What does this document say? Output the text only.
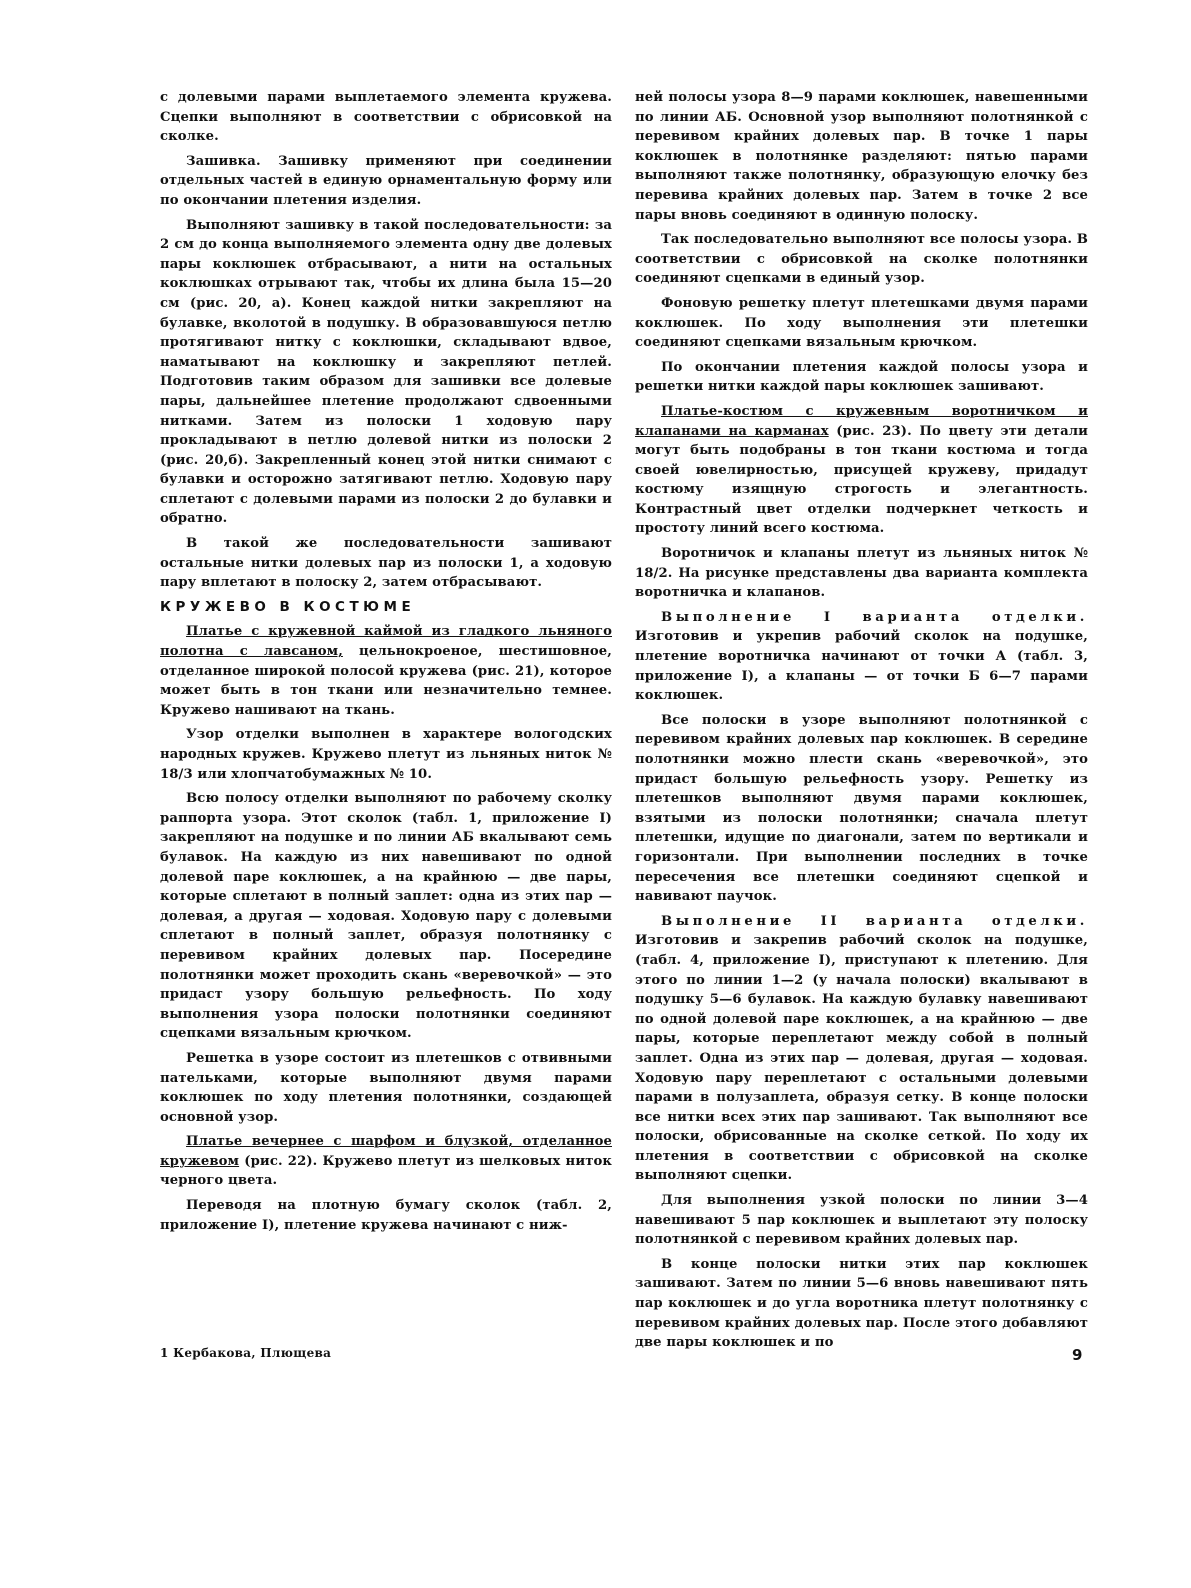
с долевыми парами выплетаемого элемента кружева. Сцепки выполняют в соответствии с обрисовкой на сколке.

Зашивка. Зашивку применяют при соединении отдельных частей в единую орнаментальную форму или по окончании плетения изделия.

Выполняют зашивку в такой последовательности: за 2 см до конца выполняемого элемента одну две долевых пары коклюшек отбрасывают, а нити на остальных коклюшках отрывают так, чтобы их длина была 15—20 см (рис. 20, а). Конец каждой нитки закрепляют на булавке, вколотой в подушку. В образовавшуюся петлю протягивают нитку с коклюшки, складывают вдвое, наматывают на коклюшку и закрепляют петлей. Подготовив таким образом для зашивки все долевые пары, дальнейшее плетение продолжают сдвоенными нитками. Затем из полоски 1 ходовую пару прокладывают в петлю долевой нитки из полоски 2 (рис. 20,б). Закрепленный конец этой нитки снимают с булавки и осторожно затягивают петлю. Ходовую пару сплетают с долевыми парами из полоски 2 до булавки и обратно.

В такой же последовательности зашивают остальные нитки долевых пар из полоски 1, а ходовую пару вплетают в полоску 2, затем отбрасывают.

КРУЖЕВО В КОСТЮМЕ

Платье с кружевной каймой из гладкого льняного полотна с лавсаном, цельнокроеное, шестишовное, отделанное широкой полосой кружева (рис. 21), которое может быть в тон ткани или незначительно темнее. Кружево нашивают на ткань.

Узор отделки выполнен в характере вологодских народных кружев. Кружево плетут из льняных ниток № 18/3 или хлопчатобумажных № 10.

Всю полосу отделки выполняют по рабочему сколку раппорта узора. Этот сколок (табл. 1, приложение I) закрепляют на подушке и по линии АБ вкалывают семь булавок. На каждую из них навешивают по одной долевой паре коклюшек, а на крайнюю — две пары, которые сплетают в полный заплет: одна из этих пар — долевая, а другая — ходовая. Ходовую пару с долевыми сплетают в полный заплет, образуя полотнянку с перевивом крайних долевых пар. Посередине полотнянки может проходить скань «веревочкой» — это придаст узору большую рельефность. По ходу выполнения узора полоски полотнянки соединяют сцепками вязальным крючком.

Решетка в узоре состоит из плетешков с отвивными пательками, которые выполняют двумя парами коклюшек по ходу плетения полотнянки, создающей основной узор.

Платье вечернее с шарфом и блузкой, отделанное кружевом (рис. 22). Кружево плетут из шелковых ниток черного цвета.

Переводя на плотную бумагу сколок (табл. 2, приложение I), плетение кружева начинают с ниж-

ней полосы узора 8—9 парами коклюшек, навешенными по линии АБ. Основной узор выполняют полотнянкой с перевивом крайних долевых пар. В точке 1 пары коклюшек в полотнянке разделяют: пятью парами выполняют также полотнянку, образующую елочку без перевива крайних долевых пар. Затем в точке 2 все пары вновь соединяют в одинную полоску.

Так последовательно выполняют все полосы узора. В соответствии с обрисовкой на сколке полотнянки соединяют сцепками в единый узор.

Фоновую решетку плетут плетешками двумя парами коклюшек. По ходу выполнения эти плетешки соединяют сцепками вязальным крючком.

По окончании плетения каждой полосы узора и решетки нитки каждой пары коклюшек зашивают.

Платье-костюм с кружевным воротничком и клапанами на карманах (рис. 23). По цвету эти детали могут быть подобраны в тон ткани костюма и тогда своей ювелирностью, присущей кружеву, придадут костюму изящную строгость и элегантность. Контрастный цвет отделки подчеркнет четкость и простоту линий всего костюма.

Воротничок и клапаны плетут из льняных ниток № 18/2. На рисунке представлены два варианта комплекта воротничка и клапанов.

Выполнение I варианта отделки. Изготовив и укрепив рабочий сколок на подушке, плетение воротничка начинают от точки А (табл. 3, приложение I), а клапаны — от точки Б 6—7 парами коклюшек.

Все полоски в узоре выполняют полотнянкой с перевивом крайних долевых пар коклюшек. В середине полотнянки можно плести скань «веревочкой», это придаст большую рельефность узору. Решетку из плетешков выполняют двумя парами коклюшек, взятыми из полоски полотнянки; сначала плетут плетешки, идущие по диагонали, затем по вертикали и горизонтали. При выполнении последних в точке пересечения все плетешки соединяют сцепкой и навивают паучок.

Выполнение II варианта отделки. Изготовив и закрепив рабочий сколок на подушке, (табл. 4, приложение I), приступают к плетению. Для этого по линии 1—2 (у начала полоски) вкалывают в подушку 5—6 булавок. На каждую булавку навешивают по одной долевой паре коклюшек, а на крайнюю — две пары, которые переплетают между собой в полный заплет. Одна из этих пар — долевая, другая — ходовая. Ходовую пару переплетают с остальными долевыми парами в полузаплета, образуя сетку. В конце полоски все нитки всех этих пар зашивают. Так выполняют все полоски, обрисованные на сколке сеткой. По ходу их плетения в соответствии с обрисовкой на сколке выполняют сцепки.

Для выполнения узкой полоски по линии 3—4 навешивают 5 пар коклюшек и выплетают эту полоску полотнянкой с перевивом крайних долевых пар.

В конце полоски нитки этих пар коклюшек зашивают. Затем по линии 5—6 вновь навешивают пять пар коклюшек и до угла воротника плетут полотнянку с перевивом крайних долевых пар. После этого добавляют две пары коклюшек и по

1 Кербакова, Плющева	9
